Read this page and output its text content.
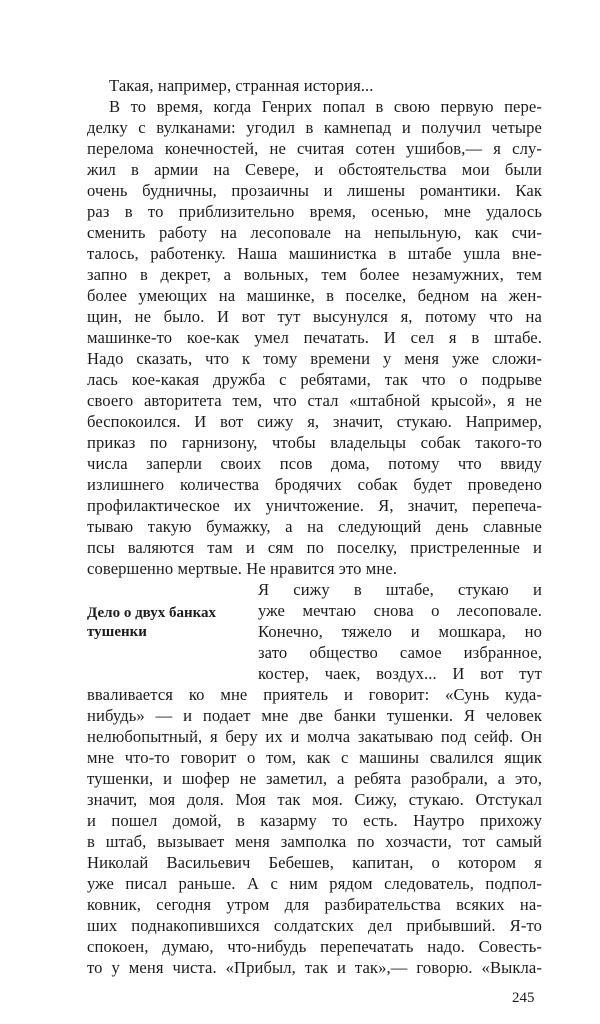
Такая, например, странная история...
В то время, когда Генрих попал в свою первую пере-
делку с вулканами: угодил в камнепад и получил четыре
перелома конечностей, не считая сотен ушибов,— я слу-
жил в армии на Севере, и обстоятельства мои были
очень будничны, прозаичны и лишены романтики. Как
раз в то приблизительно время, осенью, мне удалось
сменить работу на лесоповале на непыльную, как счи-
талось, работенку. Наша машинистка в штабе ушла вне-
запно в декрет, а вольных, тем более незамужних, тем
более умеющих на машинке, в поселке, бедном на жен-
щин, не было. И вот тут высунулся я, потому что на
машинке-то кое-как умел печатать. И сел я в штабе.
Надо сказать, что к тому времени у меня уже сложи-
лась кое-какая дружба с ребятами, так что о подрыве
своего авторитета тем, что стал «штабной крысой», я не
беспокоился. И вот сижу я, значит, стукаю. Например,
приказ по гарнизону, чтобы владельцы собак такого-то
числа заперли своих псов дома, потому что ввиду
излишнего количества бродячих собак будет проведено
профилактическое их уничтожение. Я, значит, перепеча-
тываю такую бумажку, а на следующий день славные
псы валяются там и сям по поселку, пристреленные и
совершенно мертвые. Не нравится это мне.
Дело о двух банках
тушенки
Я сижу в штабе, стукаю и
уже мечтаю снова о лесоповале.
Конечно, тяжело и мошкара, но
зато общество самое избранное,
костер, чаек, воздух... И вот тут
вваливается ко мне приятель и говорит: «Сунь куда-
нибудь» — и подает мне две банки тушенки. Я человек
нелюбопытный, я беру их и молча закатываю под сейф. Он
мне что-то говорит о том, как с машины свалился ящик
тушенки, и шофер не заметил, а ребята разобрали, а это,
значит, моя доля. Моя так моя. Сижу, стукаю. Отстукал
и пошел домой, в казарму то есть. Наутро прихожу
в штаб, вызывает меня замполка по хозчасти, тот самый
Николай Васильевич Бебешев, капитан, о котором я
уже писал раньше. А с ним рядом следователь, подпол-
ковник, сегодня утром для разбирательства всяких на-
ших поднакопившихся солдатских дел прибывший. Я-то
спокоен, думаю, что-нибудь перепечатать надо. Совесть-
то у меня чиста. «Прибыл, так и так»,— говорю. «Выкла-
245
